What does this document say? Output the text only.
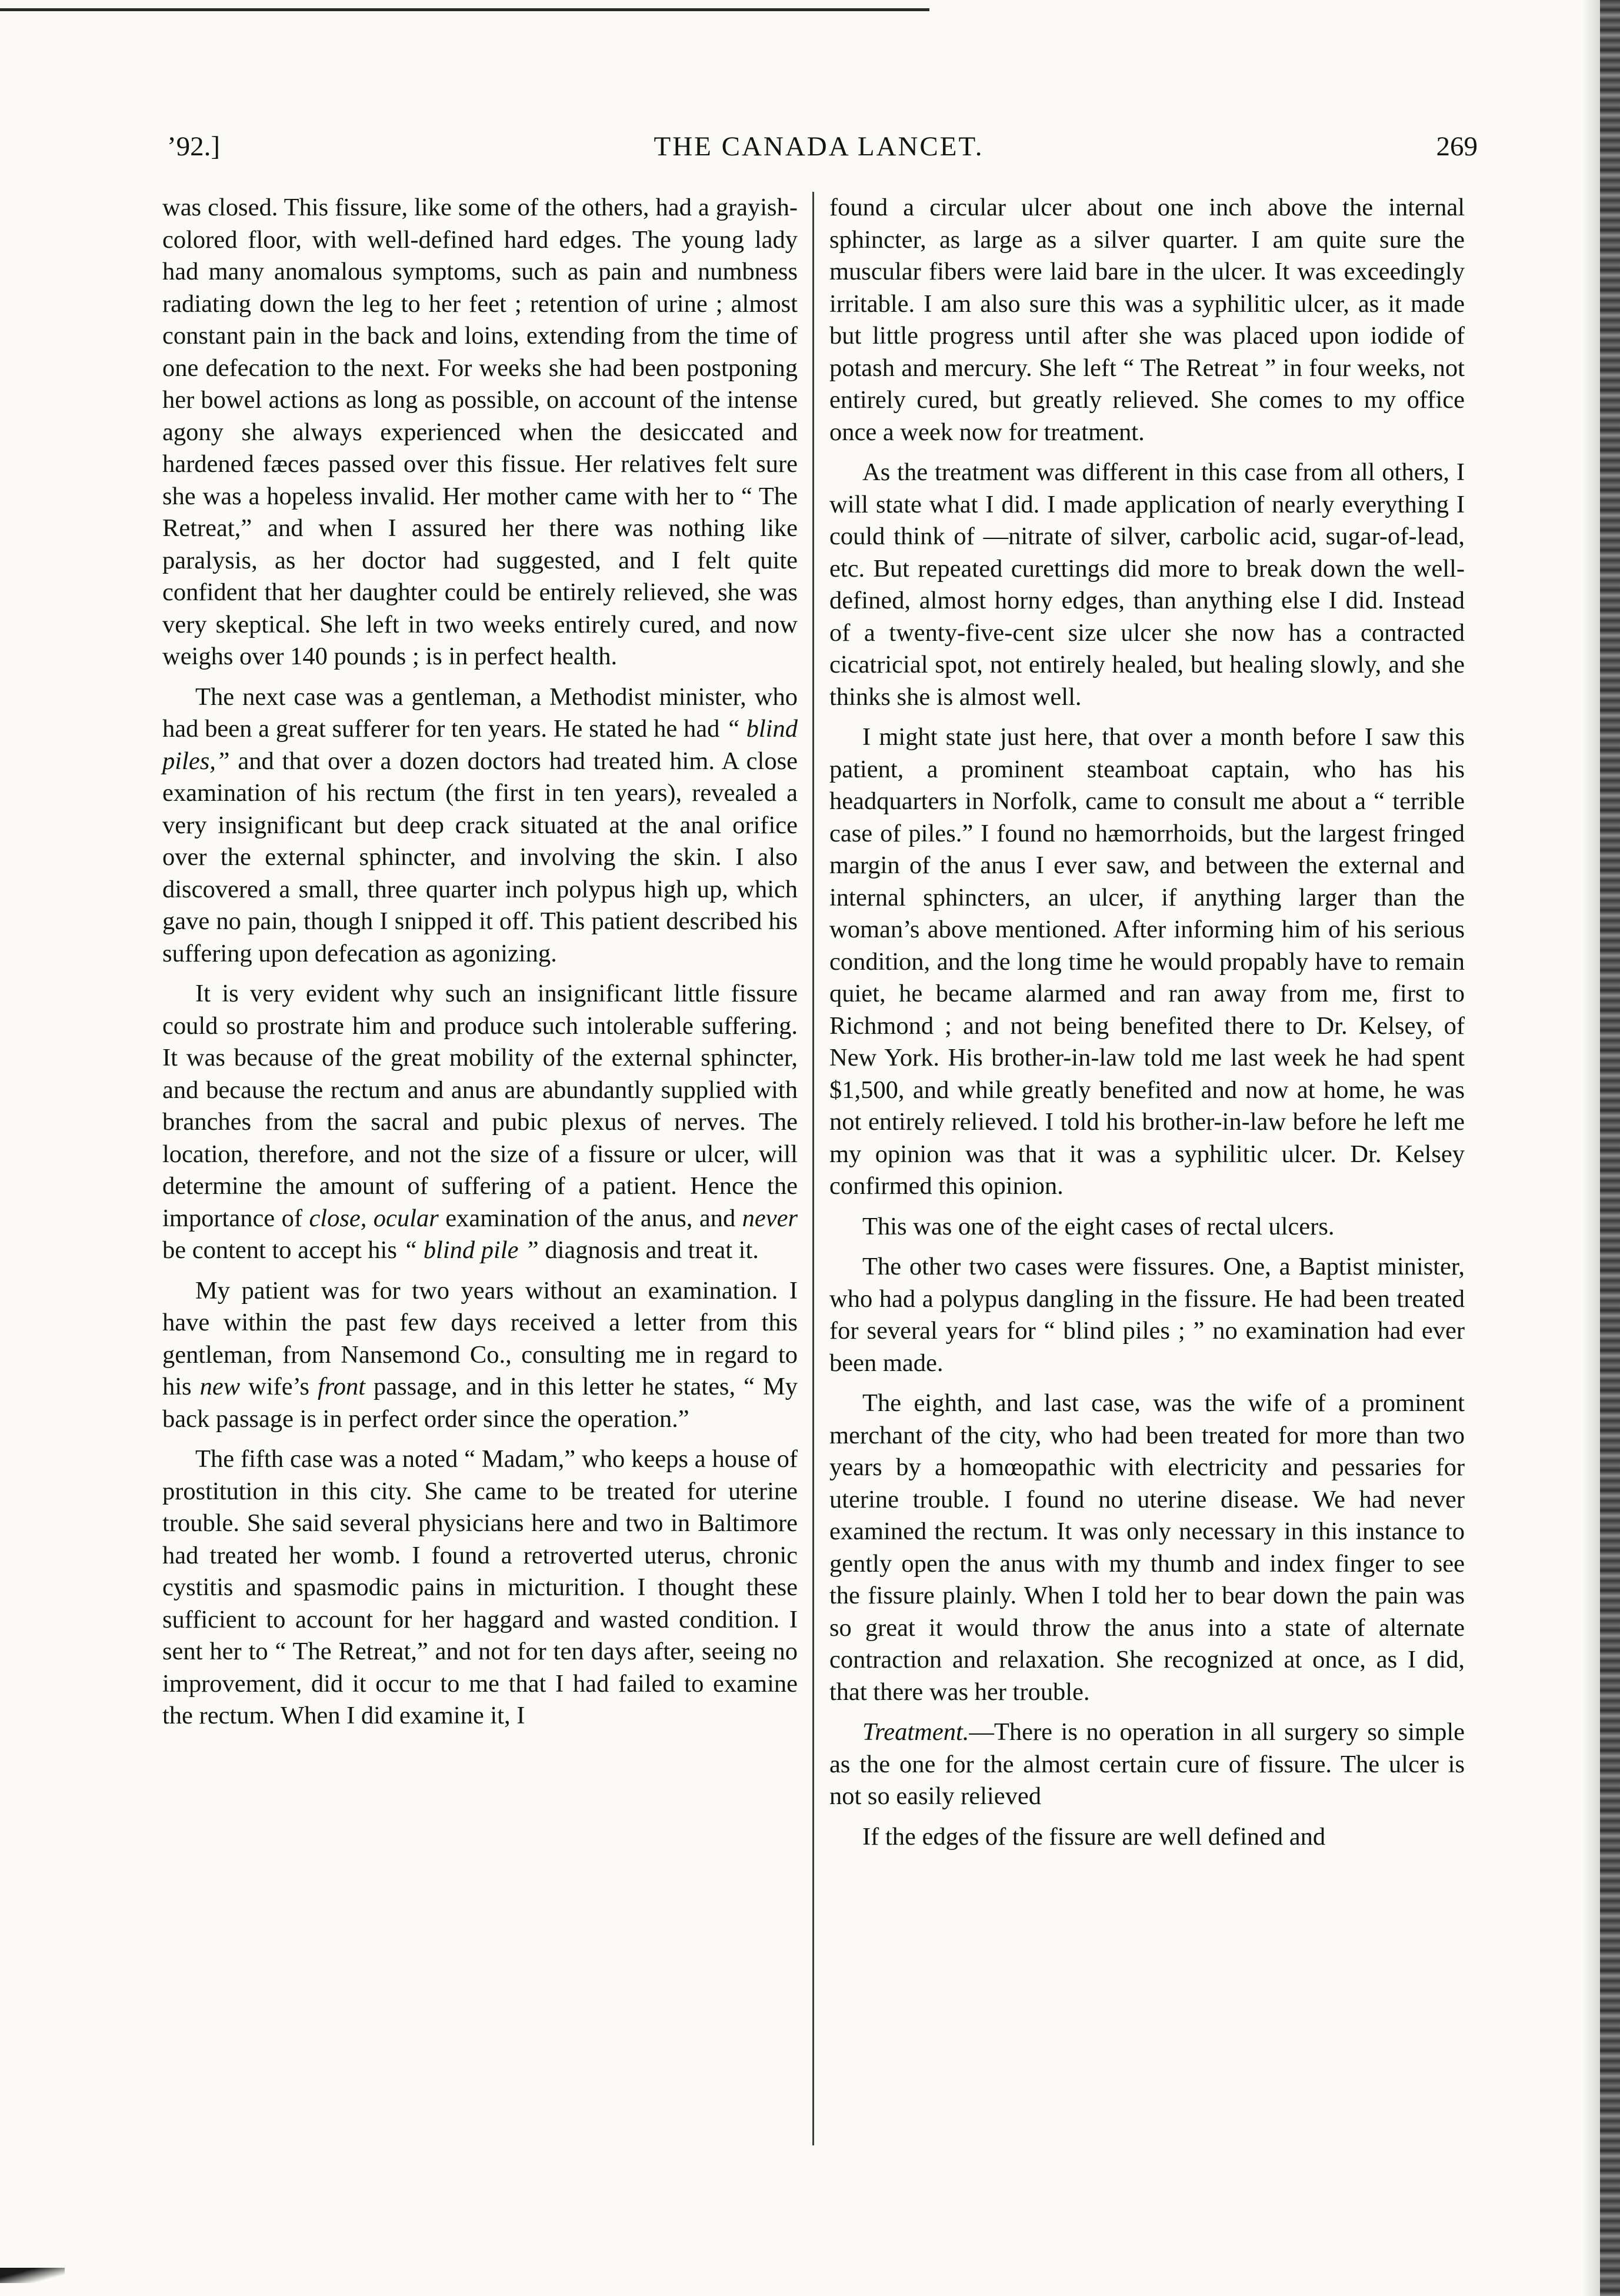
’92.]	THE CANADA LANCET.	269

was closed. This fissure, like some of the others, had a grayish-colored floor, with well-defined hard edges. The young lady had many anomalous symptoms, such as pain and numbness radiating down the leg to her feet ; retention of urine ; almost constant pain in the back and loins, extending from the time of one defecation to the next. For weeks she had been postponing her bowel actions as long as possible, on account of the intense agony she always experienced when the desiccated and hardened fæces passed over this fissue. Her relatives felt sure she was a hopeless invalid. Her mother came with her to “ The Retreat,” and when I assured her there was nothing like paralysis, as her doctor had suggested, and I felt quite confident that her daughter could be entirely relieved, she was very skeptical. She left in two weeks entirely cured, and now weighs over 140 pounds ; is in perfect health.

The next case was a gentleman, a Methodist minister, who had been a great sufferer for ten years. He stated he had “ blind piles,” and that over a dozen doctors had treated him. A close examination of his rectum (the first in ten years), revealed a very insignificant but deep crack situated at the anal orifice over the external sphincter, and involving the skin. I also discovered a small, three quarter inch polypus high up, which gave no pain, though I snipped it off. This patient described his suffering upon defecation as agonizing.

It is very evident why such an insignificant little fissure could so prostrate him and produce such intolerable suffering. It was because of the great mobility of the external sphincter, and because the rectum and anus are abundantly supplied with branches from the sacral and pubic plexus of nerves. The location, therefore, and not the size of a fissure or ulcer, will determine the amount of suffering of a patient. Hence the importance of close, ocular examination of the anus, and never be content to accept his “ blind pile ” diagnosis and treat it.

My patient was for two years without an examination. I have within the past few days received a letter from this gentleman, from Nansemond Co., consulting me in regard to his new wife’s front passage, and in this letter he states, “ My back passage is in perfect order since the operation.”

The fifth case was a noted “ Madam,” who keeps a house of prostitution in this city. She came to be treated for uterine trouble. She said several physicians here and two in Baltimore had treated her womb. I found a retroverted uterus, chronic cystitis and spasmodic pains in micturition. I thought these sufficient to account for her haggard and wasted condition. I sent her to “ The Retreat,” and not for ten days after, seeing no improvement, did it occur to me that I had failed to examine the rectum. When I did examine it, I

found a circular ulcer about one inch above the internal sphincter, as large as a silver quarter. I am quite sure the muscular fibers were laid bare in the ulcer. It was exceedingly irritable. I am also sure this was a syphilitic ulcer, as it made but little progress until after she was placed upon iodide of potash and mercury. She left “ The Retreat ” in four weeks, not entirely cured, but greatly relieved. She comes to my office once a week now for treatment.

As the treatment was different in this case from all others, I will state what I did. I made application of nearly everything I could think of —nitrate of silver, carbolic acid, sugar-of-lead, etc. But repeated curettings did more to break down the well-defined, almost horny edges, than anything else I did. Instead of a twenty-five-cent size ulcer she now has a contracted cicatricial spot, not entirely healed, but healing slowly, and she thinks she is almost well.

I might state just here, that over a month before I saw this patient, a prominent steamboat captain, who has his headquarters in Norfolk, came to consult me about a “ terrible case of piles.” I found no hæmorrhoids, but the largest fringed margin of the anus I ever saw, and between the external and internal sphincters, an ulcer, if anything larger than the woman’s above mentioned. After informing him of his serious condition, and the long time he would propably have to remain quiet, he became alarmed and ran away from me, first to Richmond ; and not being benefited there to Dr. Kelsey, of New York. His brother-in-law told me last week he had spent $1,500, and while greatly benefited and now at home, he was not entirely relieved. I told his brother-in-law before he left me my opinion was that it was a syphilitic ulcer. Dr. Kelsey confirmed this opinion.

This was one of the eight cases of rectal ulcers.

The other two cases were fissures. One, a Baptist minister, who had a polypus dangling in the fissure. He had been treated for several years for “ blind piles ; ” no examination had ever been made.

The eighth, and last case, was the wife of a prominent merchant of the city, who had been treated for more than two years by a homœopathic with electricity and pessaries for uterine trouble. I found no uterine disease. We had never examined the rectum. It was only necessary in this instance to gently open the anus with my thumb and index finger to see the fissure plainly. When I told her to bear down the pain was so great it would throw the anus into a state of alternate contraction and relaxation. She recognized at once, as I did, that there was her trouble.

Treatment.—There is no operation in all surgery so simple as the one for the almost certain cure of fissure. The ulcer is not so easily relieved

If the edges of the fissure are well defined and
